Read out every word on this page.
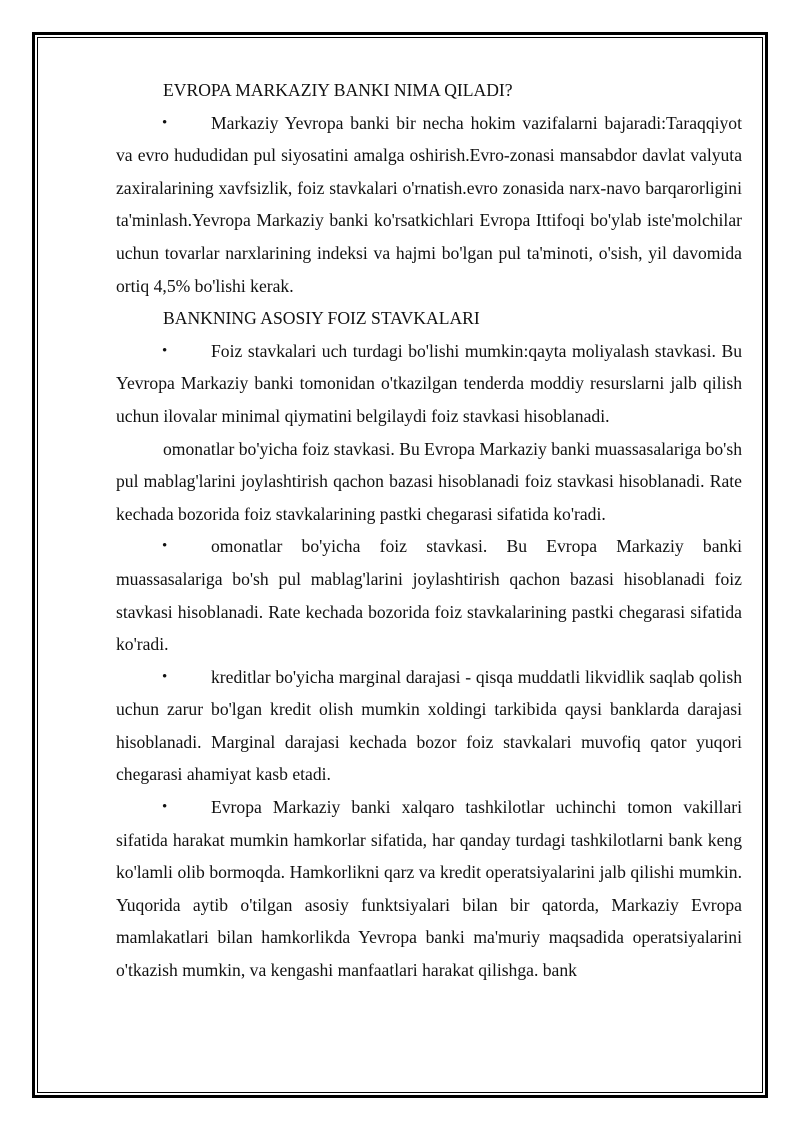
EVROPA MARKAZIY BANKI NIMA QILADI?

• Markaziy Yevropa banki bir necha hokim vazifalarni bajaradi:Taraqqiyot va evro hududidan pul siyosatini amalga oshirish.Evro-zonasi mansabdor davlat valyuta zaxiralarining xavfsizlik, foiz stavkalari o'rnatish.evro zonasida narx-navo barqarorligini ta'minlash.Yevropa Markaziy banki ko'rsatkichlari Evropa Ittifoqi bo'ylab iste'molchilar uchun tovarlar narxlarining indeksi va hajmi bo'lgan pul ta'minoti, o'sish, yil davomida ortiq 4,5% bo'lishi kerak.

BANKNING ASOSIY FOIZ STAVKALARI

• Foiz stavkalari uch turdagi bo'lishi mumkin:qayta moliyalash stavkasi. Bu Yevropa Markaziy banki tomonidan o'tkazilgan tenderda moddiy resurslarni jalb qilish uchun ilovalar minimal qiymatini belgilaydi foiz stavkasi hisoblanadi.

omonatlar bo'yicha foiz stavkasi. Bu Evropa Markaziy banki muassasalariga bo'sh pul mablag'larini joylashtirish qachon bazasi hisoblanadi foiz stavkasi hisoblanadi. Rate kechada bozorida foiz stavkalarining pastki chegarasi sifatida ko'radi.

• omonatlar bo'yicha foiz stavkasi. Bu Evropa Markaziy banki muassasalariga bo'sh pul mablag'larini joylashtirish qachon bazasi hisoblanadi foiz stavkasi hisoblanadi. Rate kechada bozorida foiz stavkalarining pastki chegarasi sifatida ko'radi.

• kreditlar bo'yicha marginal darajasi - qisqa muddatli likvidlik saqlab qolish uchun zarur bo'lgan kredit olish mumkin xoldingi tarkibida qaysi banklarda darajasi hisoblanadi. Marginal darajasi kechada bozor foiz stavkalari muvofiq qator yuqori chegarasi ahamiyat kasb etadi.

• Evropa Markaziy banki xalqaro tashkilotlar uchinchi tomon vakillari sifatida harakat mumkin hamkorlar sifatida, har qanday turdagi tashkilotlarni bank keng ko'lamli olib bormoqda. Hamkorlikni qarz va kredit operatsiyalarini jalb qilishi mumkin. Yuqorida aytib o'tilgan asosiy funktsiyalari bilan bir qatorda, Markaziy Evropa mamlakatlari bilan hamkorlikda Yevropa banki ma'muriy maqsadida operatsiyalarini o'tkazish mumkin, va kengashi manfaatlari harakat qilishga. bank
